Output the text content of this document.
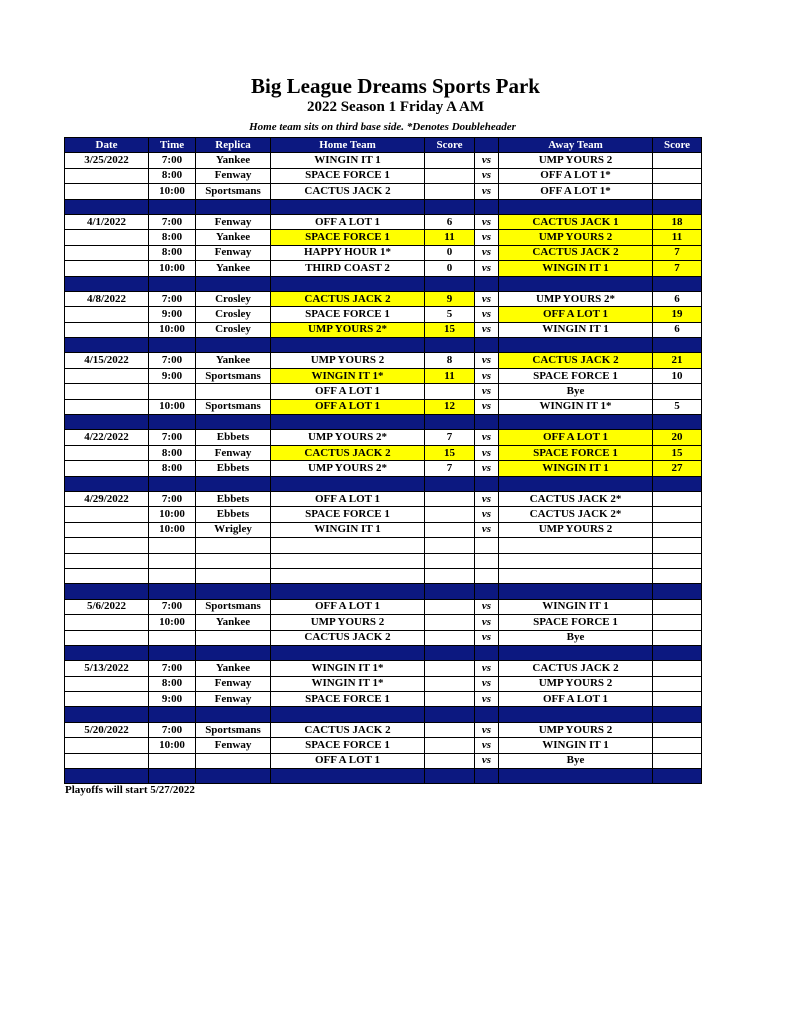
Big League Dreams Sports Park
2022 Season 1 Friday A AM
Home team sits on third base side. *Denotes Doubleheader
Date	Time	Replica	Home Team	Score		Away Team	Score
3/25/2022	7:00	Yankee	WINGIN IT 1		vs	UMP YOURS 2	
	8:00	Fenway	SPACE FORCE 1		vs	OFF A LOT 1*	
	10:00	Sportsmans	CACTUS JACK 2		vs	OFF A LOT 1*	

4/1/2022	7:00	Fenway	OFF A LOT 1	6	vs	CACTUS JACK 1	18
	8:00	Yankee	SPACE FORCE 1	11	vs	UMP YOURS 2	11
	8:00	Fenway	HAPPY HOUR 1*	0	vs	CACTUS JACK 2	7
	10:00	Yankee	THIRD COAST 2	0	vs	WINGIN IT 1	7

4/8/2022	7:00	Crosley	CACTUS JACK 2	9	vs	UMP YOURS 2*	6
	9:00	Crosley	SPACE FORCE 1	5	vs	OFF A LOT 1	19
	10:00	Crosley	UMP YOURS 2*	15	vs	WINGIN IT 1	6

4/15/2022	7:00	Yankee	UMP YOURS 2	8	vs	CACTUS JACK 2	21
	9:00	Sportsmans	WINGIN IT 1*	11	vs	SPACE FORCE 1	10
			OFF A LOT 1		vs	Bye	
	10:00	Sportsmans	OFF A LOT 1	12	vs	WINGIN IT 1*	5

4/22/2022	7:00	Ebbets	UMP YOURS 2*	7	vs	OFF A LOT 1	20
	8:00	Fenway	CACTUS JACK 2	15	vs	SPACE FORCE 1	15
	8:00	Ebbets	UMP YOURS 2*	7	vs	WINGIN IT 1	27

4/29/2022	7:00	Ebbets	OFF A LOT 1		vs	CACTUS JACK 2*	
	10:00	Ebbets	SPACE FORCE 1		vs	CACTUS JACK 2*	
	10:00	Wrigley	WINGIN IT 1		vs	UMP YOURS 2	

5/6/2022	7:00	Sportsmans	OFF A LOT 1		vs	WINGIN IT 1	
	10:00	Yankee	UMP YOURS 2		vs	SPACE FORCE 1	
			CACTUS JACK 2		vs	Bye	

5/13/2022	7:00	Yankee	WINGIN IT 1*		vs	CACTUS JACK 2	
	8:00	Fenway	WINGIN IT 1*		vs	UMP YOURS 2	
	9:00	Fenway	SPACE FORCE 1		vs	OFF A LOT 1	

5/20/2022	7:00	Sportsmans	CACTUS JACK 2		vs	UMP YOURS 2	
	10:00	Fenway	SPACE FORCE 1		vs	WINGIN IT 1	
			OFF A LOT 1		vs	Bye	

Playoffs will start 5/27/2022
